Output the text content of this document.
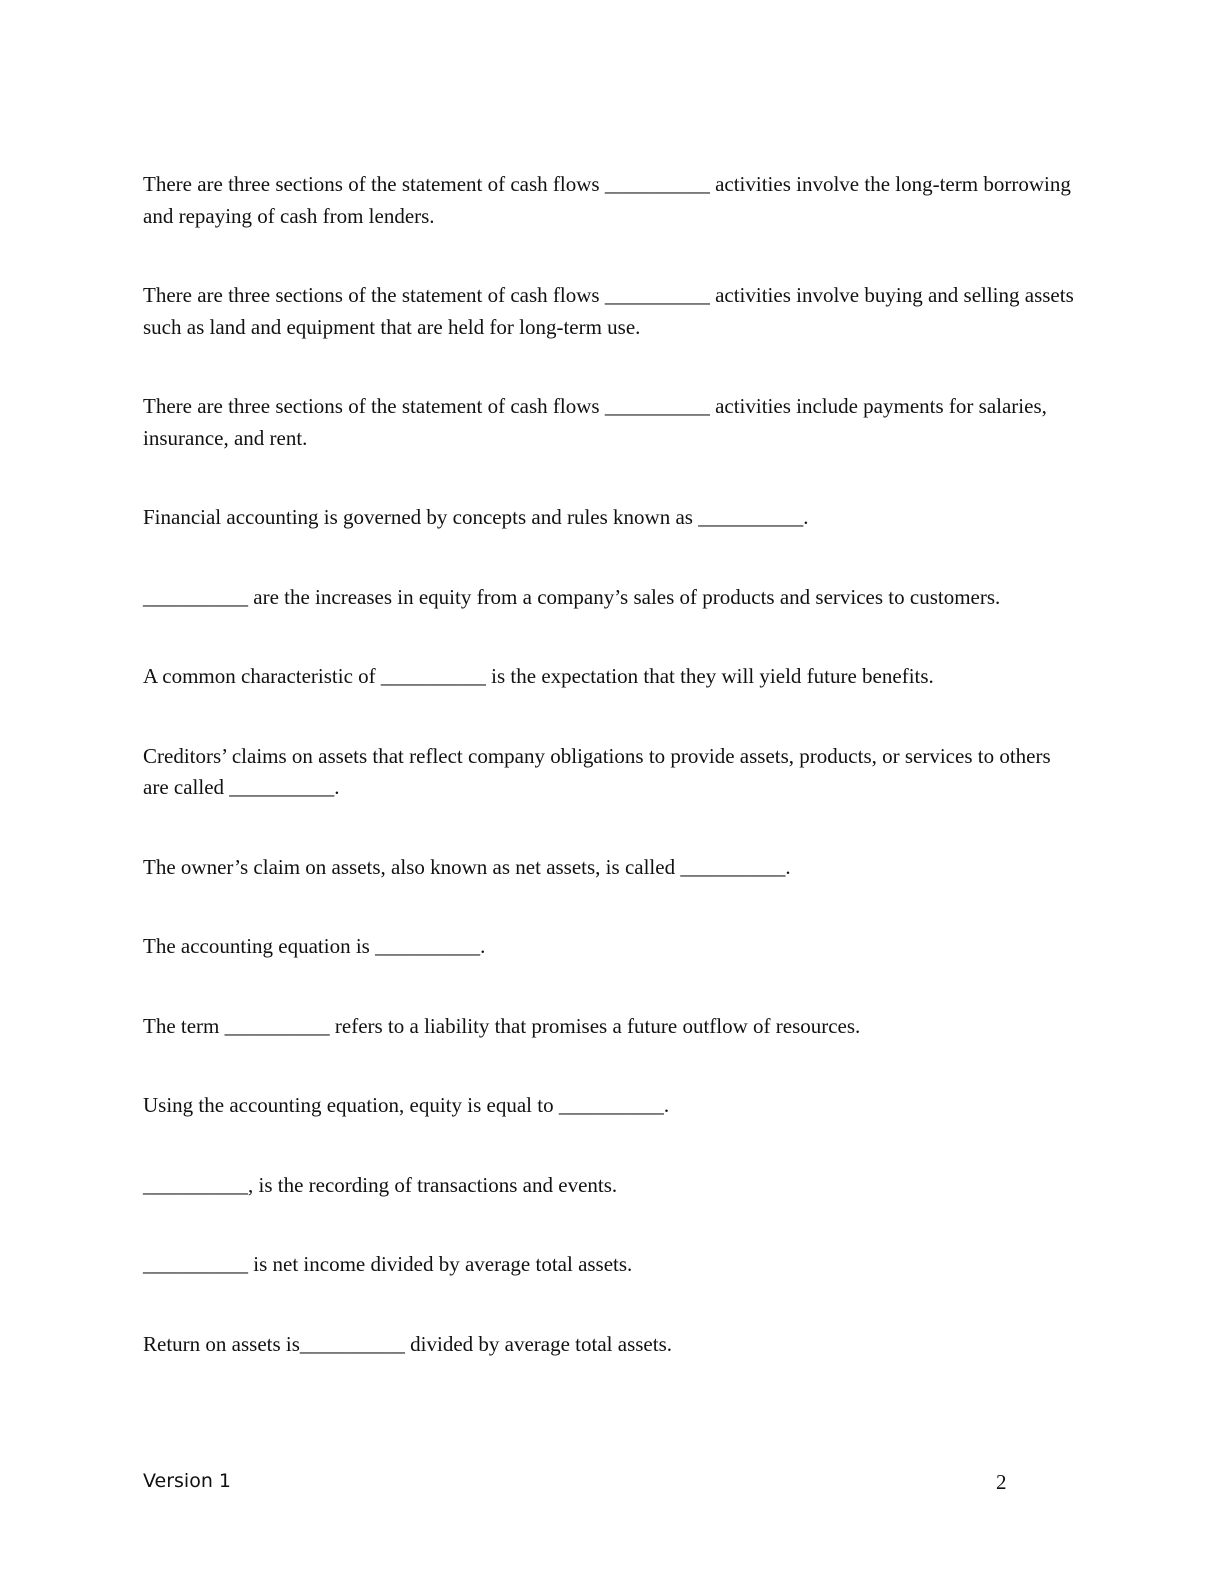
There are three sections of the statement of cash flows __________ activities involve the long-term borrowing and repaying of cash from lenders.
There are three sections of the statement of cash flows __________ activities involve buying and selling assets such as land and equipment that are held for long-term use.
There are three sections of the statement of cash flows __________ activities include payments for salaries, insurance, and rent.
Financial accounting is governed by concepts and rules known as __________.
__________ are the increases in equity from a company’s sales of products and services to customers.
A common characteristic of __________ is the expectation that they will yield future benefits.
Creditors’ claims on assets that reflect company obligations to provide assets, products, or services to others are called __________.
The owner’s claim on assets, also known as net assets, is called __________.
The accounting equation is __________.
The term __________ refers to a liability that promises a future outflow of resources.
Using the accounting equation, equity is equal to __________.
__________, is the recording of transactions and events.
__________ is net income divided by average total assets.
Return on assets is__________ divided by average total assets.
Version 1	2
